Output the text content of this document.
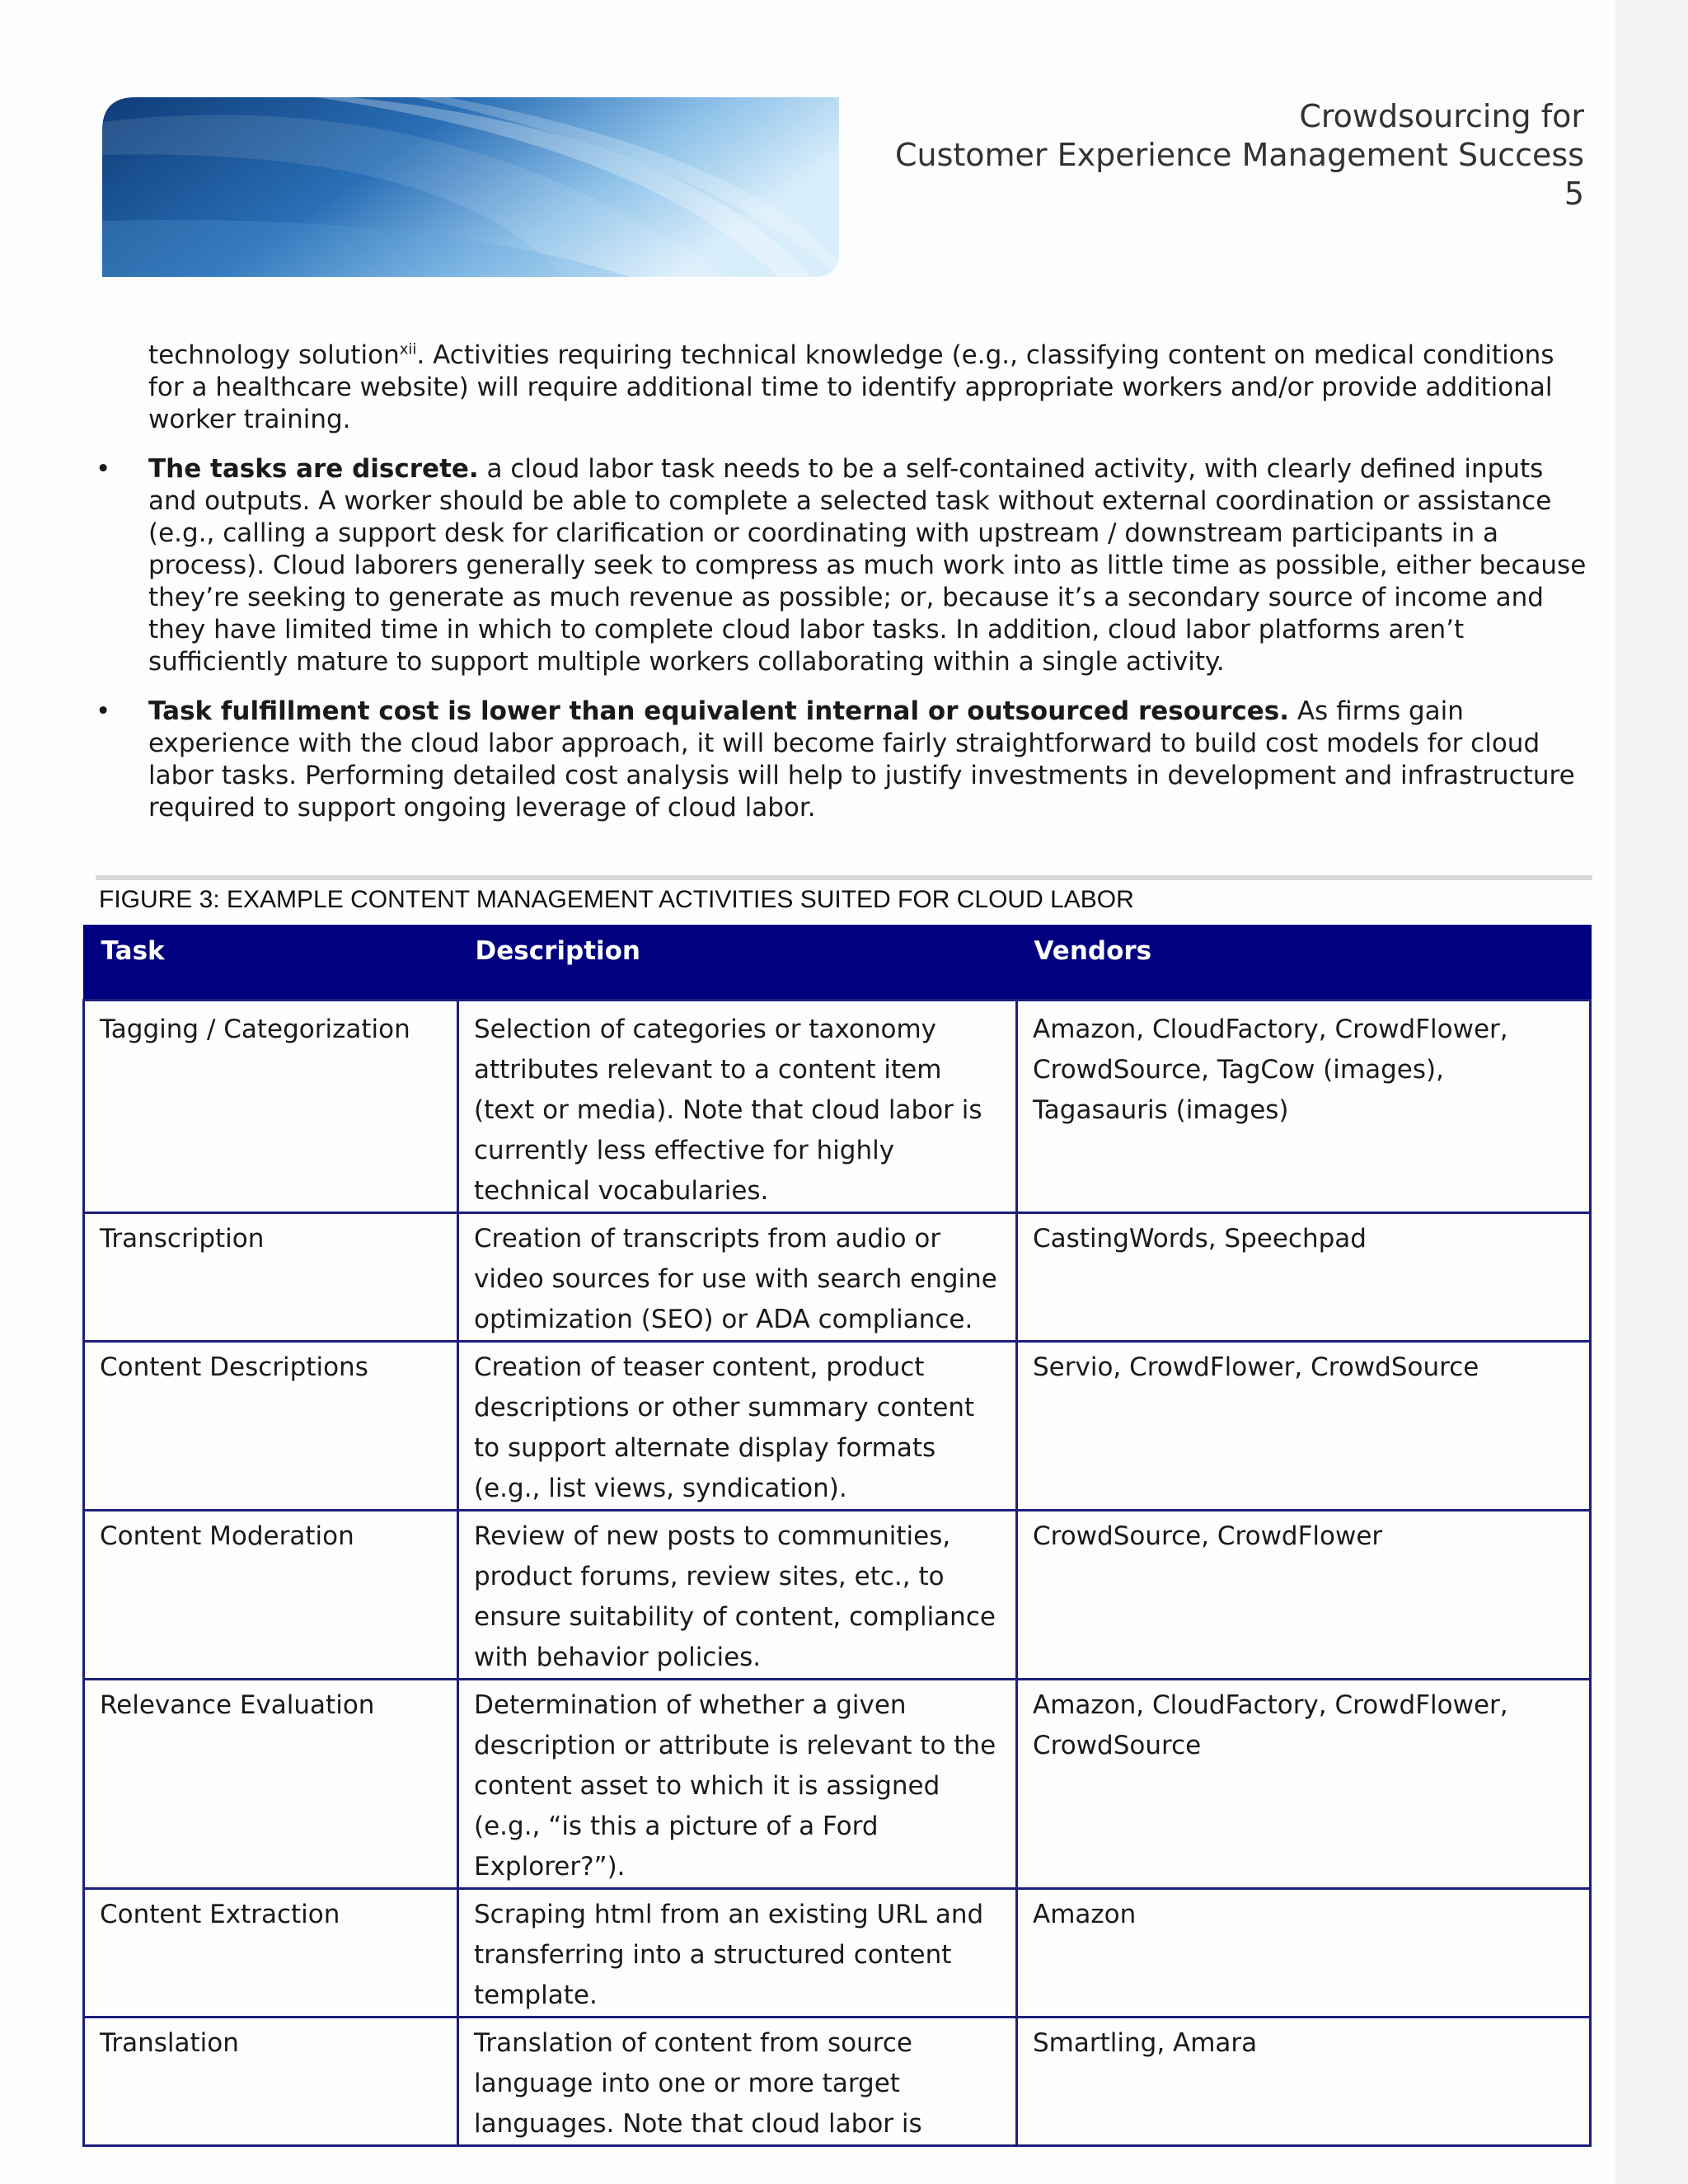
Crowdsourcing for
Customer Experience Management Success
5

technology solution$^{xii}$. Activities requiring technical knowledge (e.g., classifying content on medical conditions for a healthcare website) will require additional time to identify appropriate workers and/or provide additional worker training.

•	The tasks are discrete. a cloud labor task needs to be a self-contained activity, with clearly defined inputs and outputs. A worker should be able to complete a selected task without external coordination or assistance (e.g., calling a support desk for clarification or coordinating with upstream / downstream participants in a process). Cloud laborers generally seek to compress as much work into as little time as possible, either because they’re seeking to generate as much revenue as possible; or, because it’s a secondary source of income and they have limited time in which to complete cloud labor tasks. In addition, cloud labor platforms aren’t sufficiently mature to support multiple workers collaborating within a single activity.
•	Task fulfillment cost is lower than equivalent internal or outsourced resources. As firms gain experience with the cloud labor approach, it will become fairly straightforward to build cost models for cloud labor tasks. Performing detailed cost analysis will help to justify investments in development and infrastructure required to support ongoing leverage of cloud labor.
FIGURE 3: EXAMPLE CONTENT MANAGEMENT ACTIVITIES SUITED FOR CLOUD LABOR
Task	Description	Vendors
Tagging / Categorization	Selection of categories or taxonomy attributes relevant to a content item (text or media). Note that cloud labor is currently less effective for highly technical vocabularies.	Amazon, CloudFactory, CrowdFlower, CrowdSource, TagCow (images), Tagasauris (images)
Transcription	Creation of transcripts from audio or video sources for use with search engine optimization (SEO) or ADA compliance.	CastingWords, Speechpad
Content Descriptions	Creation of teaser content, product descriptions or other summary content to support alternate display formats (e.g., list views, syndication).	Servio, CrowdFlower, CrowdSource
Content Moderation	Review of new posts to communities, product forums, review sites, etc., to ensure suitability of content, compliance with behavior policies.	CrowdSource, CrowdFlower
Relevance Evaluation	Determination of whether a given description or attribute is relevant to the content asset to which it is assigned (e.g., “is this a picture of a Ford Explorer?”).	Amazon, CloudFactory, CrowdFlower, CrowdSource
Content Extraction	Scraping html from an existing URL and transferring into a structured content template.	Amazon
Translation	Translation of content from source language into one or more target languages. Note that cloud labor is	Smartling, Amara
